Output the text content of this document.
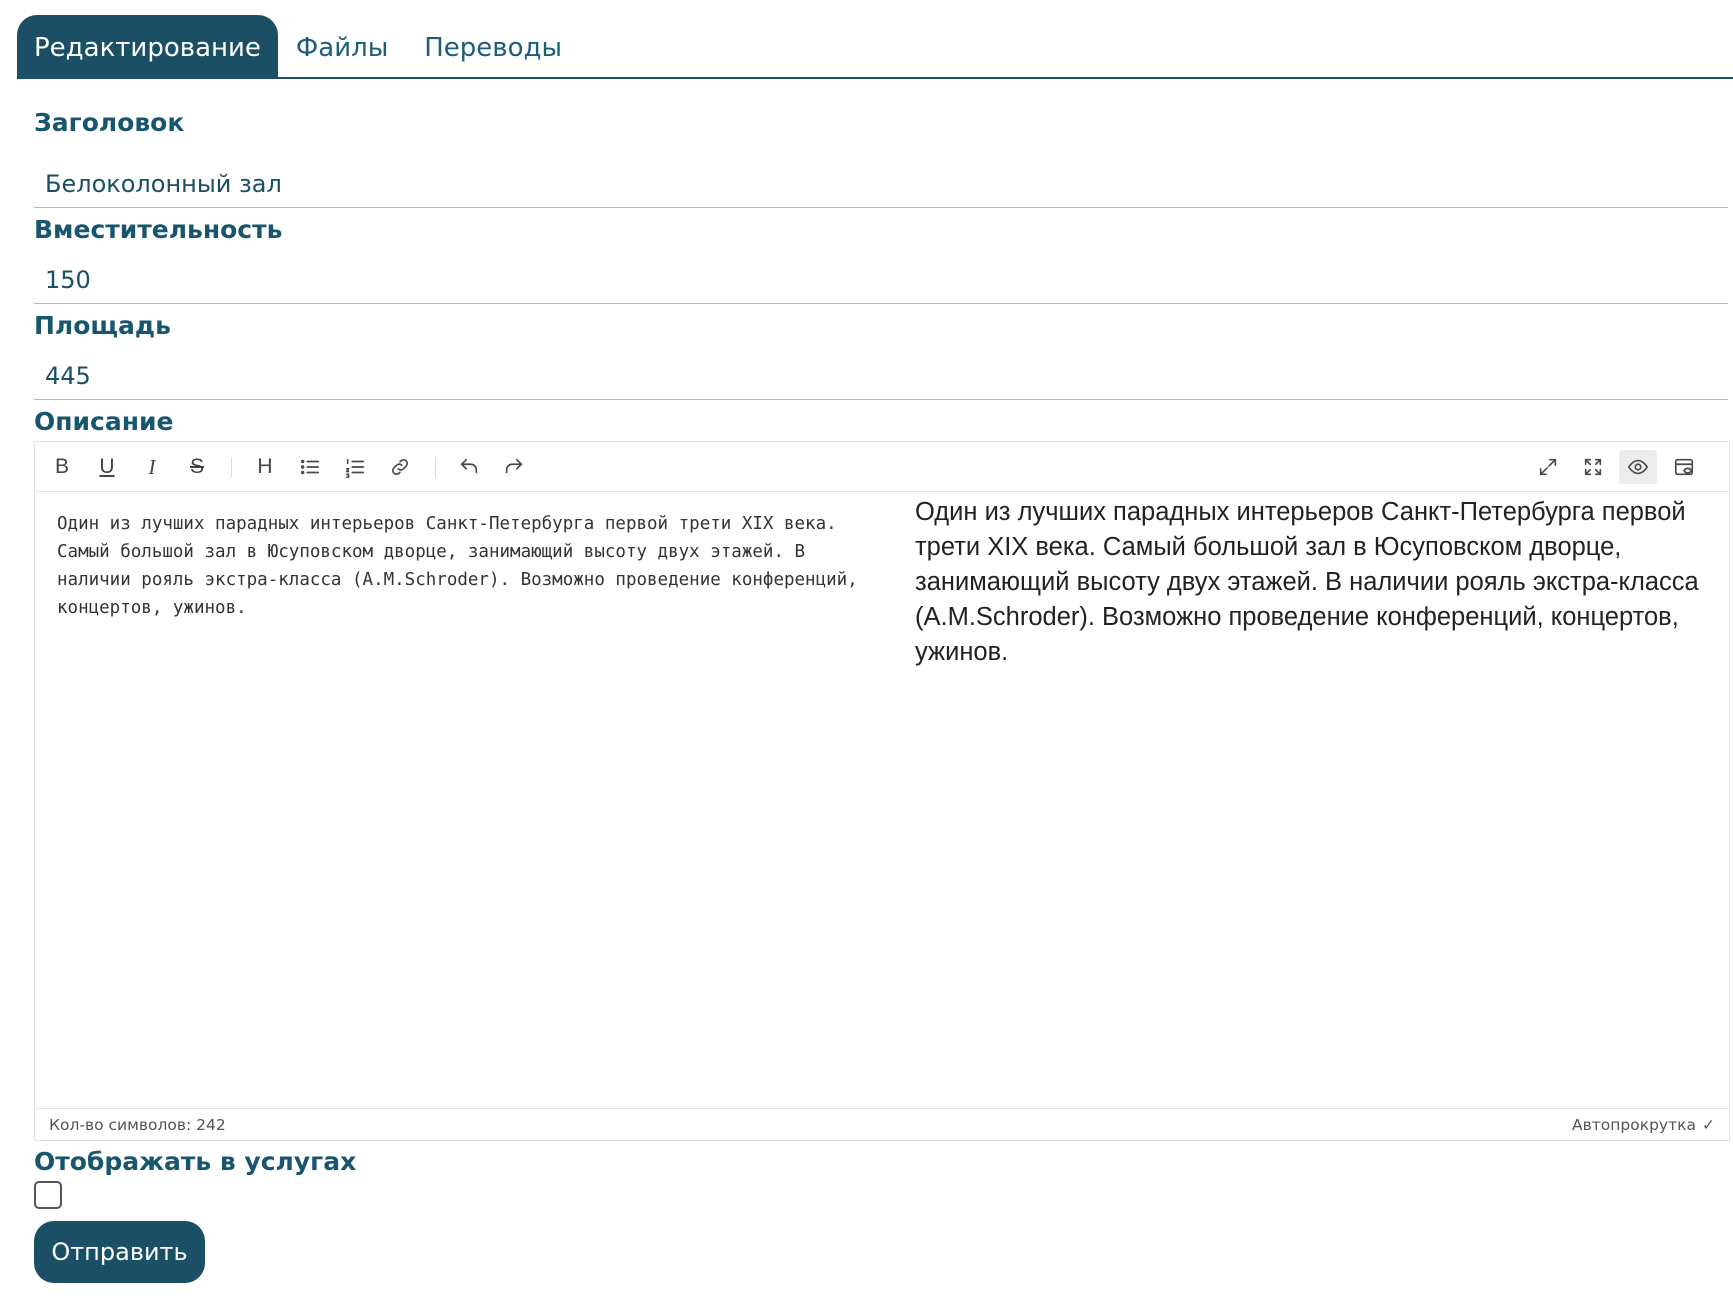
Редактирование	Файлы	Переводы
Заголовок
Белоколонный зал
Вместительность
150
Площадь
445
Описание
B U I S	H
Один из лучших парадных интерьеров Санкт-Петербурга первой трети XIX века. Самый большой зал в Юсуповском дворце, занимающий высоту двух этажей. В наличии рояль экстра-класса (A.M.Schroder). Возможно проведение конференций, концертов, ужинов.

Один из лучших парадных интерьеров Санкт-Петербурга первой трети XIX века. Самый большой зал в Юсуповском дворце, занимающий высоту двух этажей. В наличии рояль экстра-класса (A.M.Schroder). Возможно проведение конференций, концертов, ужинов.

Кол-во символов: 242	Автопрокрутка ✓
Отображать в услугах
Отправить
